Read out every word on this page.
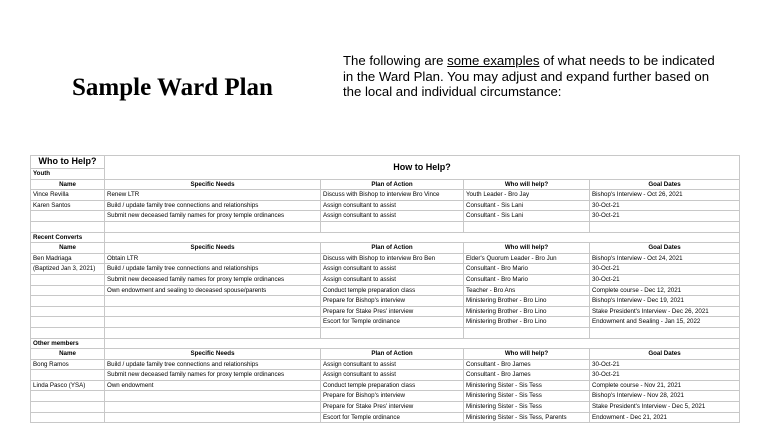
Sample Ward Plan
The following are some examples of what needs to be indicated in the Ward Plan. You may adjust and expand further based on the local and individual circumstance:
Who to Help?	How to Help?			
Youth				
Name	Specific Needs	Plan of Action	Who will help?	Goal Dates
Vince Revilla	Renew LTR	Discuss with Bishop to interview Bro Vince	Youth Leader - Bro Jay	Bishop's Interview - Oct 26, 2021
Karen Santos	Build / update family tree connections and relationships	Assign consultant to assist	Consultant - Sis Lani	30-Oct-21
	Submit new deceased family names for proxy temple ordinances	Assign consultant to assist	Consultant - Sis Lani	30-Oct-21

Recent Converts				
Name	Specific Needs	Plan of Action	Who will help?	Goal Dates
Ben Madriaga	Obtain LTR	Discuss with Bishop to interview Bro Ben	Elder's Quorum Leader - Bro Jun	Bishop's Interview - Oct 24, 2021
(Baptized Jan 3, 2021)	Build / update family tree connections and relationships	Assign consultant to assist	Consultant - Bro Mario	30-Oct-21
	Submit new deceased family names for proxy temple ordinances	Assign consultant to assist	Consultant - Bro Mario	30-Oct-21
	Own endowment and sealing to deceased spouse/parents	Conduct temple preparation class	Teacher - Bro Ans	Complete course - Dec 12, 2021
		Prepare for Bishop's interview	Ministering Brother - Bro Lino	Bishop's Interview - Dec 19, 2021
		Prepare for Stake Pres' interview	Ministering Brother - Bro Lino	Stake President's Interview - Dec 26, 2021
		Escort for Temple ordinance	Ministering Brother - Bro Lino	Endowment and Sealing - Jan 15, 2022

Other members				
Name	Specific Needs	Plan of Action	Who will help?	Goal Dates
Bong Ramos	Build / update family tree connections and relationships	Assign consultant to assist	Consultant - Bro James	30-Oct-21
	Submit new deceased family names for proxy temple ordinances	Assign consultant to assist	Consultant - Bro James	30-Oct-21
Linda Pasco (YSA)	Own endowment	Conduct temple preparation class	Ministering Sister - Sis Tess	Complete course - Nov 21, 2021
		Prepare for Bishop's interview	Ministering Sister - Sis Tess	Bishop's Interview - Nov 28, 2021
		Prepare for Stake Pres' interview	Ministering Sister - Sis Tess	Stake President's Interview - Dec 5, 2021
		Escort for Temple ordinance	Ministering Sister - Sis Tess, Parents	Endowment - Dec 21, 2021
